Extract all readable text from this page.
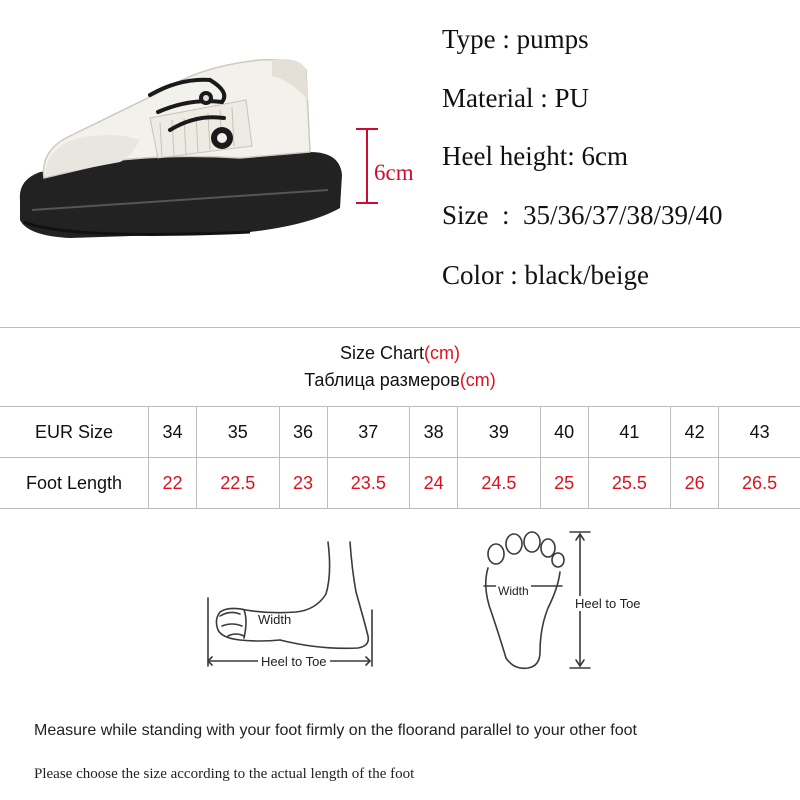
6cm
Type : pumps
Material : PU
Heel height: 6cm
Size  :  35/36/37/38/39/40
Color : black/beige
Size Chart(cm)
Таблица размеров(cm)										

EUR Size	34	35	36	37	38	39	40	41	42	43
Foot Length	22	22.5	23	23.5	24	24.5	25	25.5	26	26.5
Width
Heel to Toe
Width
Heel to Toe
Measure while standing with your foot firmly on the floorand parallel to your other foot
Please choose the size according to the actual length of the foot
